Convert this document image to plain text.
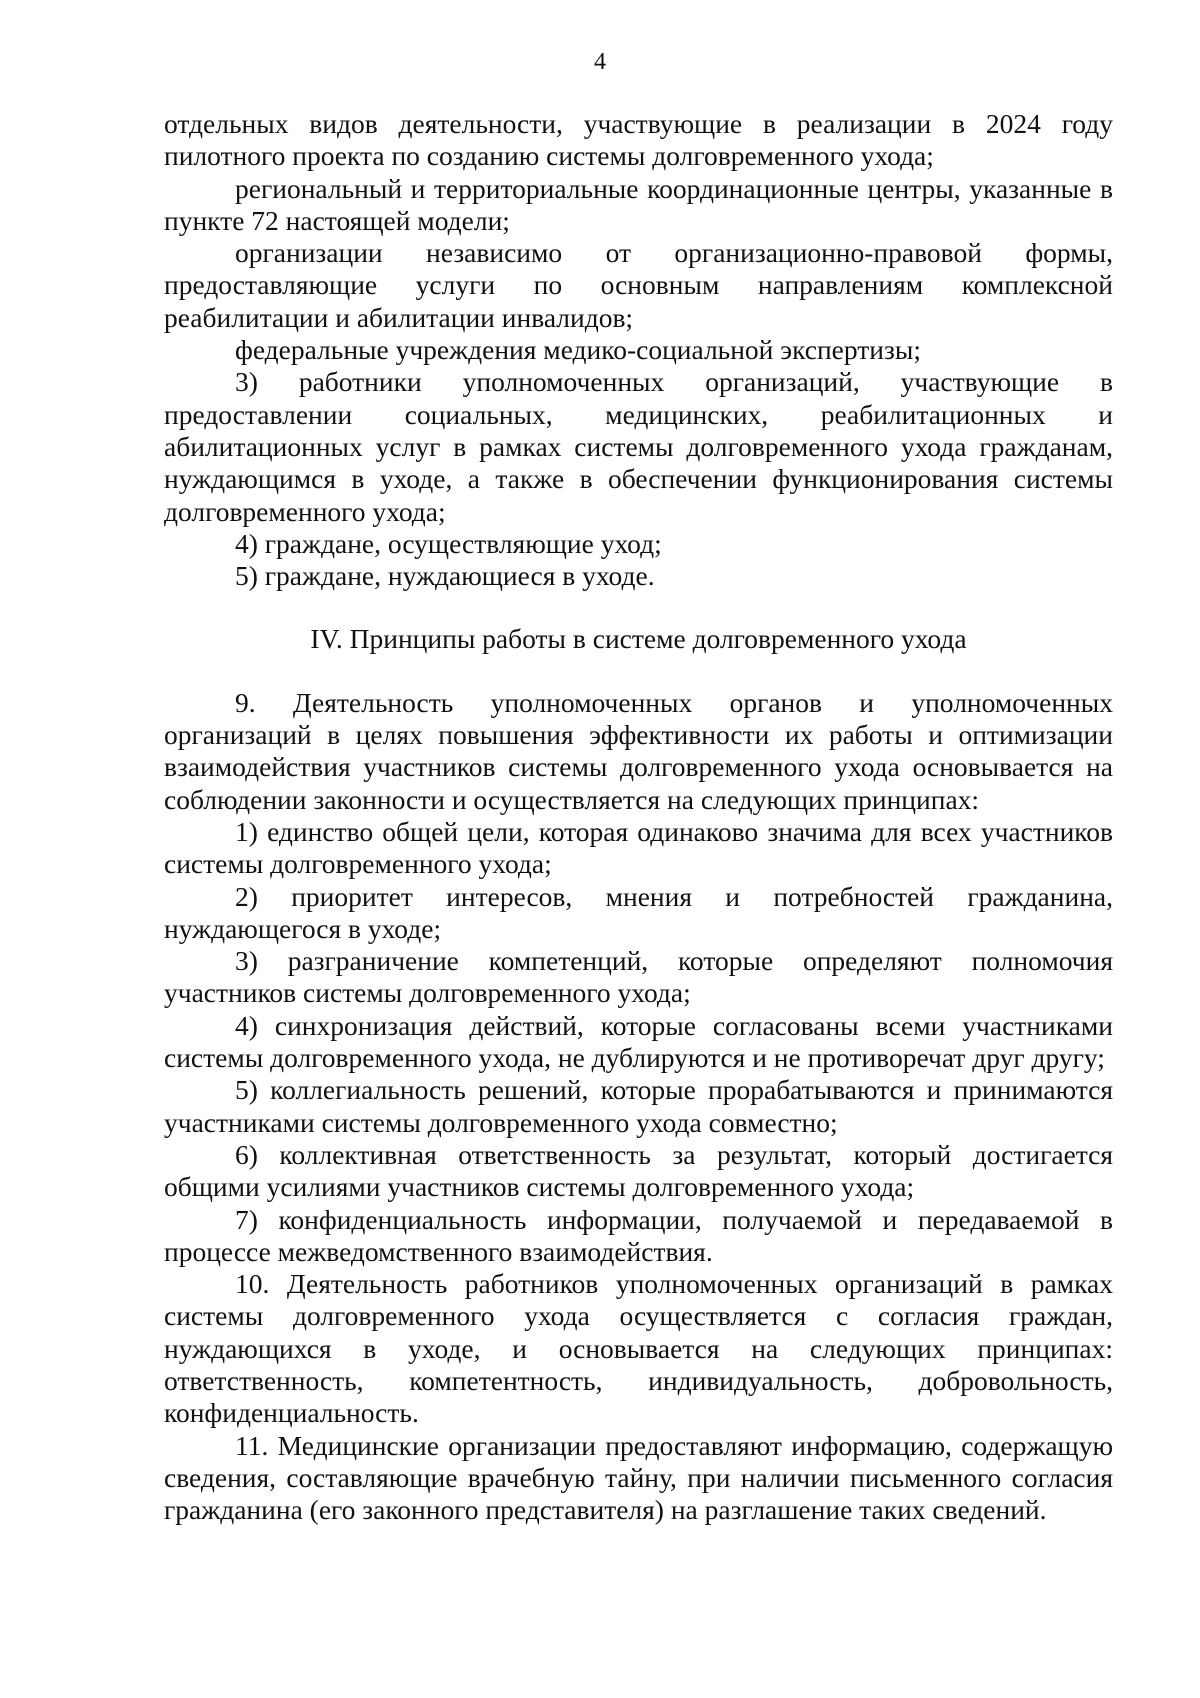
4

отдельных видов деятельности, участвующие в реализации в 2024 году пилотного проекта по созданию системы долговременного ухода;

региональный и территориальные координационные центры, указанные в пункте 72 настоящей модели;

организации независимо от организационно-правовой формы, предоставляющие услуги по основным направлениям комплексной реабилитации и абилитации инвалидов;

федеральные учреждения медико-социальной экспертизы;

3) работники уполномоченных организаций, участвующие в предоставлении социальных, медицинских, реабилитационных и абилитационных услуг в рамках системы долговременного ухода гражданам, нуждающимся в уходе, а также в обеспечении функционирования системы долговременного ухода;

4) граждане, осуществляющие уход;

5) граждане, нуждающиеся в уходе.

IV. Принципы работы в системе долговременного ухода

9. Деятельность уполномоченных органов и уполномоченных организаций в целях повышения эффективности их работы и оптимизации взаимодействия участников системы долговременного ухода основывается на соблюдении законности и осуществляется на следующих принципах:

1) единство общей цели, которая одинаково значима для всех участников системы долговременного ухода;

2) приоритет интересов, мнения и потребностей гражданина, нуждающегося в уходе;

3) разграничение компетенций, которые определяют полномочия участников системы долговременного ухода;

4) синхронизация действий, которые согласованы всеми участниками системы долговременного ухода, не дублируются и не противоречат друг другу;

5) коллегиальность решений, которые прорабатываются и принимаются участниками системы долговременного ухода совместно;

6) коллективная ответственность за результат, который достигается общими усилиями участников системы долговременного ухода;

7) конфиденциальность информации, получаемой и передаваемой в процессе межведомственного взаимодействия.

10. Деятельность работников уполномоченных организаций в рамках системы долговременного ухода осуществляется с согласия граждан, нуждающихся в уходе, и основывается на следующих принципах: ответственность, компетентность, индивидуальность, добровольность, конфиденциальность.

11. Медицинские организации предоставляют информацию, содержащую сведения, составляющие врачебную тайну, при наличии письменного согласия гражданина (его законного представителя) на разглашение таких сведений.
